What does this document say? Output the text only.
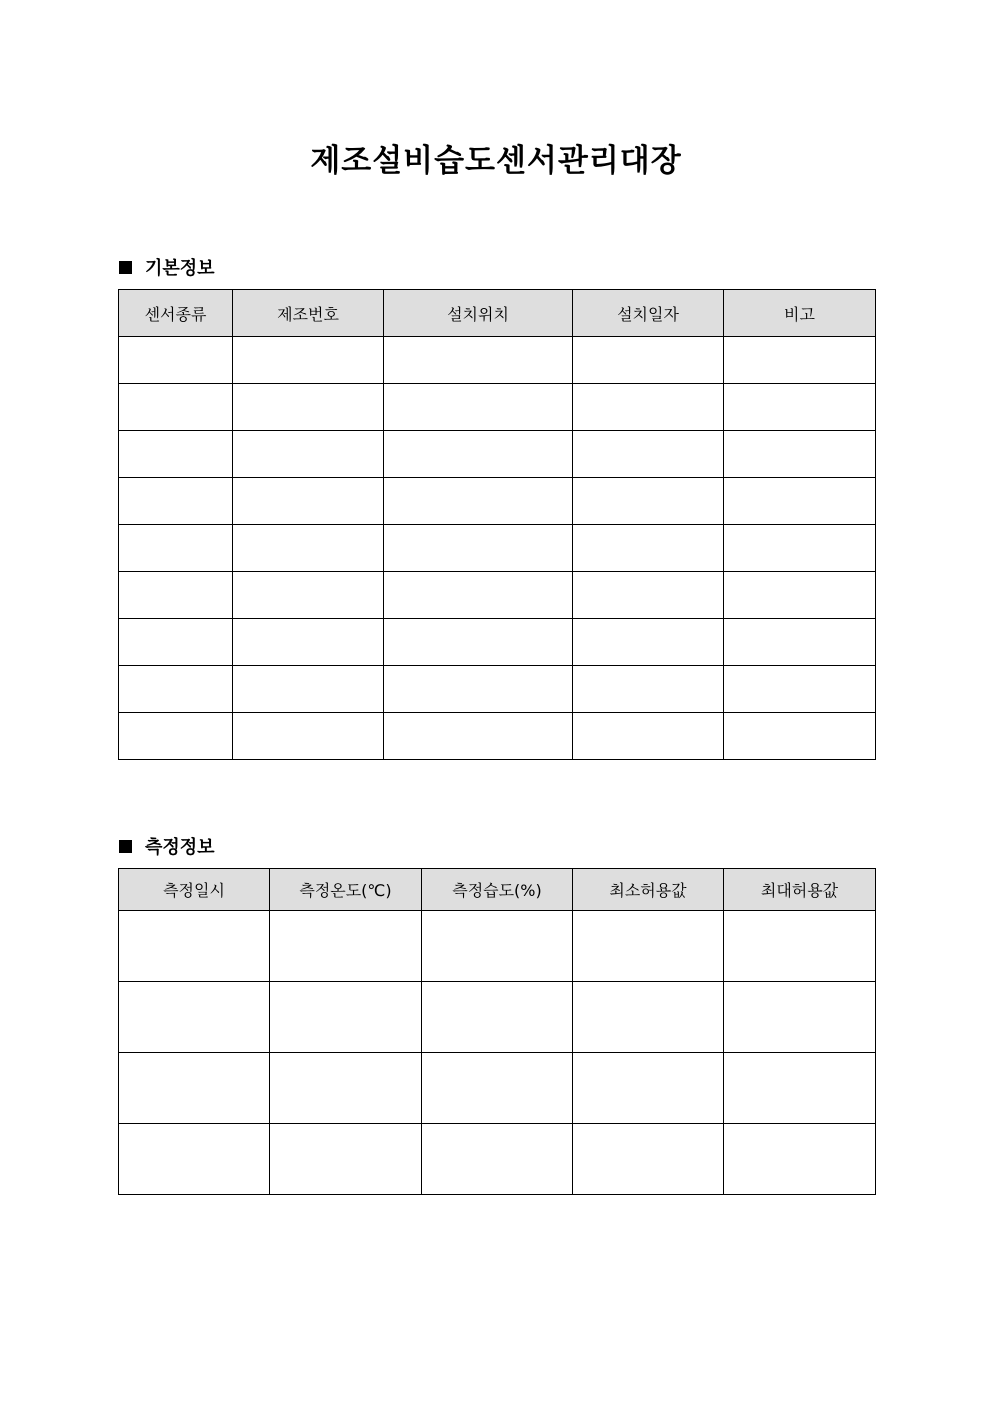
제조설비습도센서관리대장
기본정보
센서종류	제조번호	설치위치	설치일자	비고

측정정보
측정일시	측정온도(℃)	측정습도(%)	최소허용값	최대허용값
